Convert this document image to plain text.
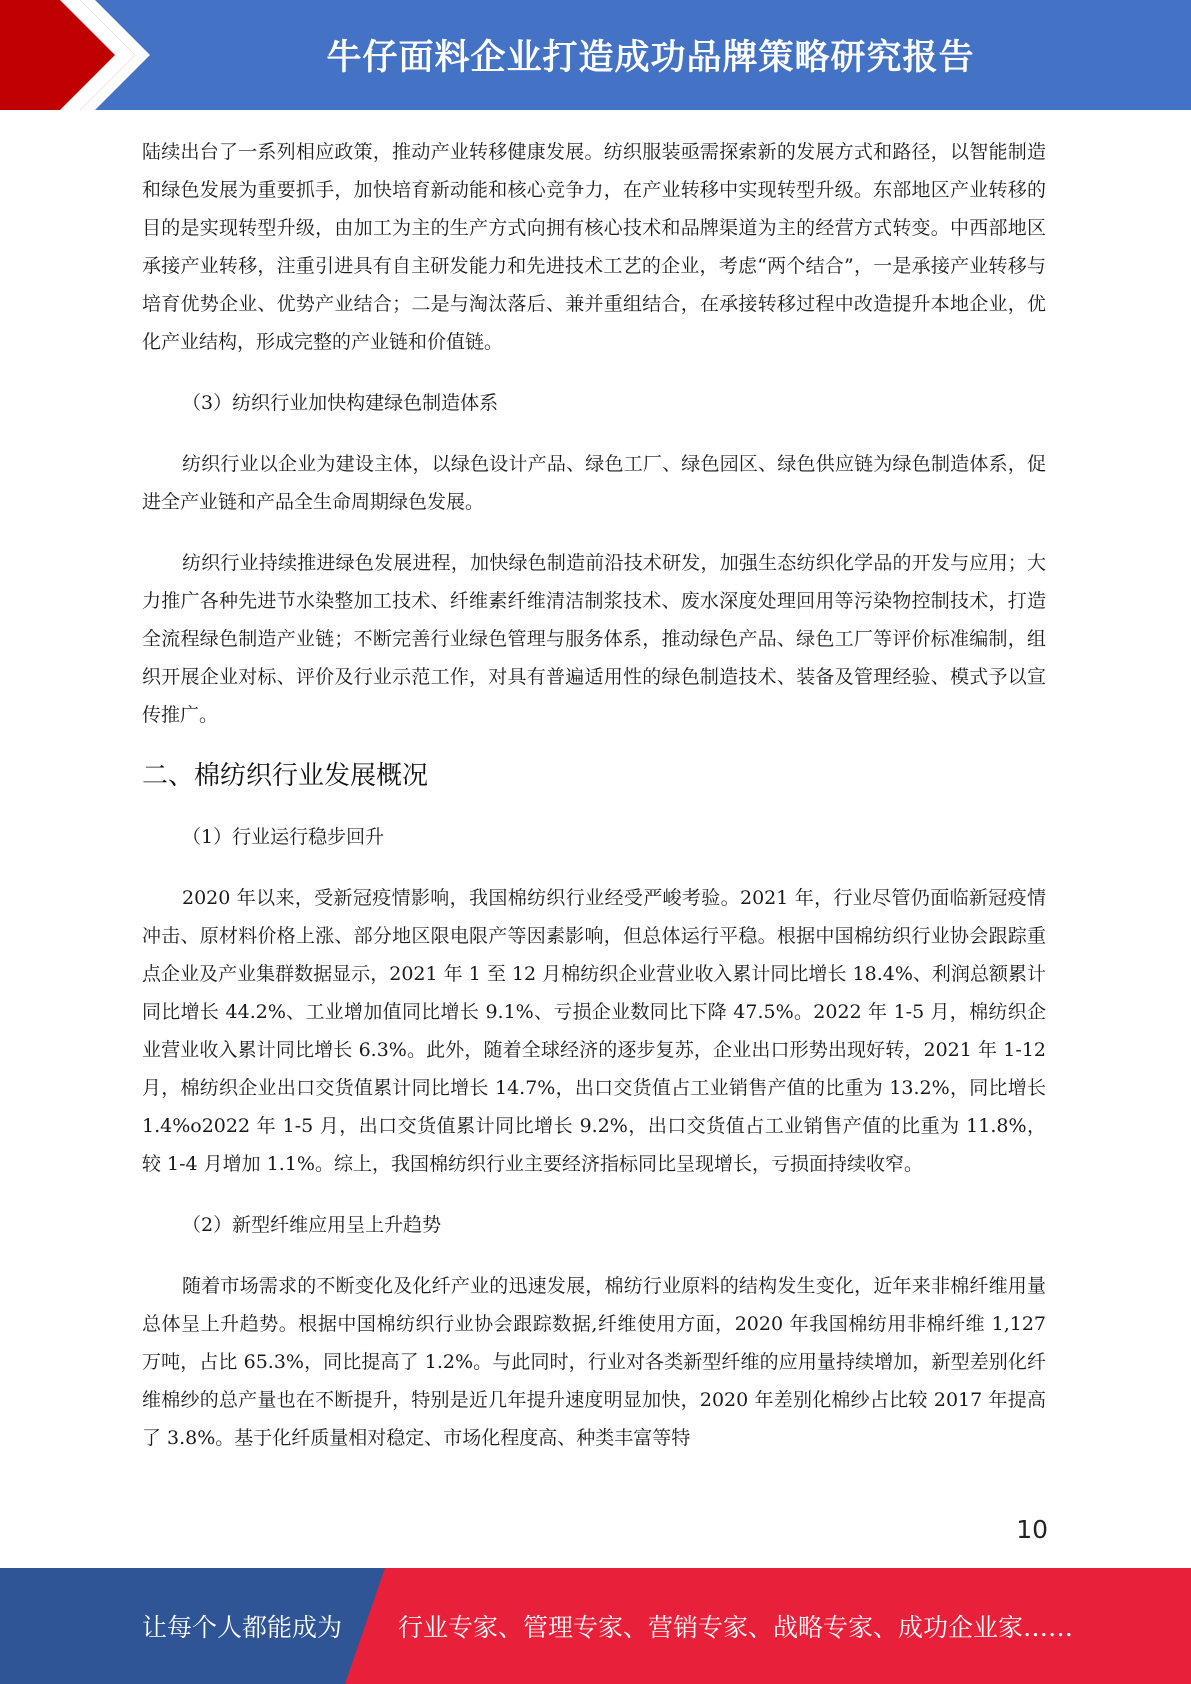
牛仔面料企业打造成功品牌策略研究报告

陆续出台了一系列相应政策，推动产业转移健康发展。纺织服装亟需探索新的发展方式和路径，以智能制造和绿色发展为重要抓手，加快培育新动能和核心竞争力，在产业转移中实现转型升级。东部地区产业转移的目的是实现转型升级，由加工为主的生产方式向拥有核心技术和品牌渠道为主的经营方式转变。中西部地区承接产业转移，注重引进具有自主研发能力和先进技术工艺的企业，考虑“两个结合”，一是承接产业转移与培育优势企业、优势产业结合；二是与淘汰落后、兼并重组结合，在承接转移过程中改造提升本地企业，优化产业结构，形成完整的产业链和价值链。

（3）纺织行业加快构建绿色制造体系

纺织行业以企业为建设主体，以绿色设计产品、绿色工厂、绿色园区、绿色供应链为绿色制造体系，促进全产业链和产品全生命周期绿色发展。

纺织行业持续推进绿色发展进程，加快绿色制造前沿技术研发，加强生态纺织化学品的开发与应用；大力推广各种先进节水染整加工技术、纤维素纤维清洁制浆技术、废水深度处理回用等污染物控制技术，打造全流程绿色制造产业链；不断完善行业绿色管理与服务体系，推动绿色产品、绿色工厂等评价标准编制，组织开展企业对标、评价及行业示范工作，对具有普遍适用性的绿色制造技术、装备及管理经验、模式予以宣传推广。

二、棉纺织行业发展概况

（1）行业运行稳步回升

2020 年以来，受新冠疫情影响，我国棉纺织行业经受严峻考验。2021 年，行业尽管仍面临新冠疫情冲击、原材料价格上涨、部分地区限电限产等因素影响，但总体运行平稳。根据中国棉纺织行业协会跟踪重点企业及产业集群数据显示，2021 年 1 至 12 月棉纺织企业营业收入累计同比增长 18.4%、利润总额累计同比增长 44.2%、工业增加值同比增长 9.1%、亏损企业数同比下降 47.5%。2022 年 1-5 月，棉纺织企业营业收入累计同比增长 6.3%。此外，随着全球经济的逐步复苏，企业出口形势出现好转，2021 年 1-12 月，棉纺织企业出口交货值累计同比增长 14.7%，出口交货值占工业销售产值的比重为 13.2%，同比增长 1.4%o2022 年 1-5 月，出口交货值累计同比增长 9.2%，出口交货值占工业销售产值的比重为 11.8%，较 1-4 月增加 1.1%。综上，我国棉纺织行业主要经济指标同比呈现增长，亏损面持续收窄。

（2）新型纤维应用呈上升趋势

随着市场需求的不断变化及化纤产业的迅速发展，棉纺行业原料的结构发生变化，近年来非棉纤维用量总体呈上升趋势。根据中国棉纺织行业协会跟踪数据,纤维使用方面，2020 年我国棉纺用非棉纤维 1,127 万吨，占比 65.3%，同比提高了 1.2%。与此同时，行业对各类新型纤维的应用量持续增加，新型差别化纤维棉纱的总产量也在不断提升，特别是近几年提升速度明显加快，2020 年差别化棉纱占比较 2017 年提高了 3.8%。基于化纤质量相对稳定、市场化程度高、种类丰富等特

10
让每个人都能成为 行业专家、管理专家、营销专家、战略专家、成功企业家……
